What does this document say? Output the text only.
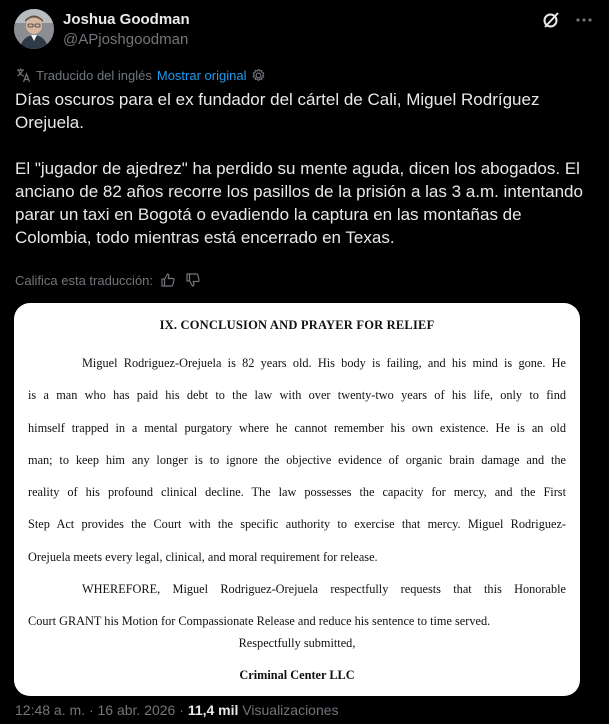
Joshua Goodman
@APjoshgoodman
Traducido del inglés Mostrar original

Días oscuros para el ex fundador del cártel de Cali, Miguel Rodríguez Orejuela.

El "jugador de ajedrez" ha perdido su mente aguda, dicen los abogados. El anciano de 82 años recorre los pasillos de la prisión a las 3 a.m. intentando parar un taxi en Bogotá o evadiendo la captura en las montañas de Colombia, todo mientras está encerrado en Texas.

Califica esta traducción:
IX. CONCLUSION AND PRAYER FOR RELIEF
Miguel Rodriguez-Orejuela is 82 years old. His body is failing, and his mind is gone. He
is a man who has paid his debt to the law with over twenty-two years of his life, only to find
himself trapped in a mental purgatory where he cannot remember his own existence. He is an old
man; to keep him any longer is to ignore the objective evidence of organic brain damage and the
reality of his profound clinical decline. The law possesses the capacity for mercy, and the First
Step Act provides the Court with the specific authority to exercise that mercy. Miguel Rodriguez-
Orejuela meets every legal, clinical, and moral requirement for release.
WHEREFORE, Miguel Rodriguez-Orejuela respectfully requests that this Honorable
Court GRANT his Motion for Compassionate Release and reduce his sentence to time served.
Respectfully submitted,
Criminal Center LLC
12:48 a. m. · 16 abr. 2026 · 11,4 mil Visualizaciones
